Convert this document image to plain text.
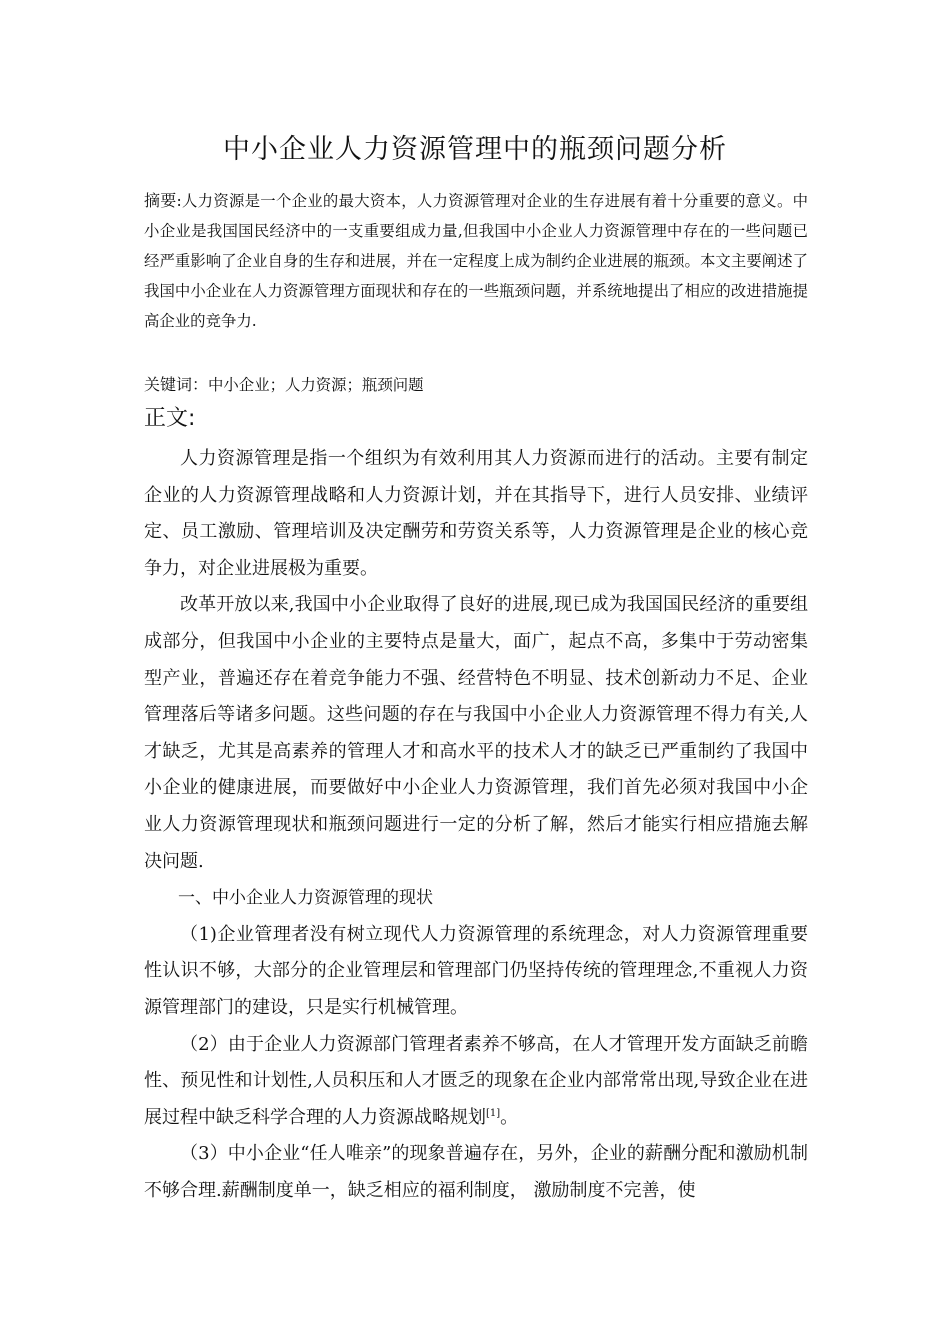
中小企业人力资源管理中的瓶颈问题分析
摘要:人力资源是一个企业的最大资本，人力资源管理对企业的生存进展有着十分重要的意义。中小企业是我国国民经济中的一支重要组成力量,但我国中小企业人力资源管理中存在的一些问题已经严重影响了企业自身的生存和进展，并在一定程度上成为制约企业进展的瓶颈。本文主要阐述了我国中小企业在人力资源管理方面现状和存在的一些瓶颈问题，并系统地提出了相应的改进措施提高企业的竞争力.
关键词：中小企业；人力资源；瓶颈问题
正文:

人力资源管理是指一个组织为有效利用其人力资源而进行的活动。主要有制定企业的人力资源管理战略和人力资源计划，并在其指导下，进行人员安排、业绩评定、员工激励、管理培训及决定酬劳和劳资关系等，人力资源管理是企业的核心竞争力，对企业进展极为重要。

改革开放以来,我国中小企业取得了良好的进展,现已成为我国国民经济的重要组成部分，但我国中小企业的主要特点是量大，面广，起点不高，多集中于劳动密集型产业，普遍还存在着竞争能力不强、经营特色不明显、技术创新动力不足、企业管理落后等诸多问题。这些问题的存在与我国中小企业人力资源管理不得力有关,人才缺乏，尤其是高素养的管理人才和高水平的技术人才的缺乏已严重制约了我国中小企业的健康进展，而要做好中小企业人力资源管理，我们首先必须对我国中小企业人力资源管理现状和瓶颈问题进行一定的分析了解，然后才能实行相应措施去解决问题.

一、中小企业人力资源管理的现状

（1)企业管理者没有树立现代人力资源管理的系统理念，对人力资源管理重要性认识不够，大部分的企业管理层和管理部门仍坚持传统的管理理念,不重视人力资源管理部门的建设，只是实行机械管理。

（2）由于企业人力资源部门管理者素养不够高，在人才管理开发方面缺乏前瞻性、预见性和计划性,人员积压和人才匮乏的现象在企业内部常常出现,导致企业在进展过程中缺乏科学合理的人力资源战略规划[1]。

（3）中小企业“任人唯亲”的现象普遍存在，另外，企业的薪酬分配和激励机制不够合理.薪酬制度单一，缺乏相应的福利制度， 激励制度不完善，使
